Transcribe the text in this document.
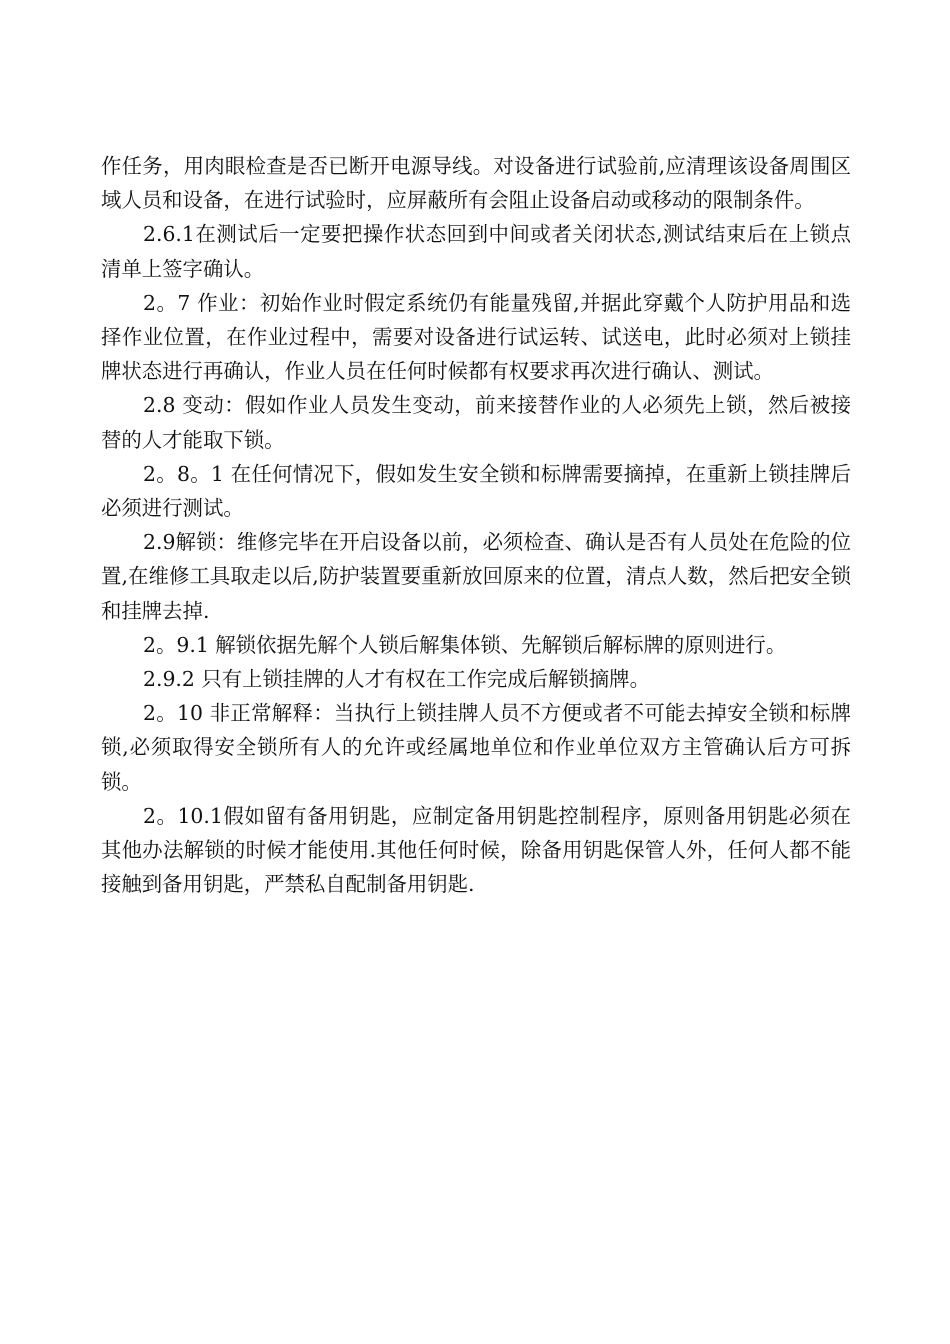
作任务，用肉眼检查是否已断开电源导线。对设备进行试验前,应清理该设备周围区域人员和设备，在进行试验时，应屏蔽所有会阻止设备启动或移动的限制条件。

2.6.1在测试后一定要把操作状态回到中间或者关闭状态,测试结束后在上锁点清单上签字确认。

2。7 作业：初始作业时假定系统仍有能量残留,并据此穿戴个人防护用品和选择作业位置，在作业过程中，需要对设备进行试运转、试送电，此时必须对上锁挂牌状态进行再确认，作业人员在任何时候都有权要求再次进行确认、测试。

2.8 变动：假如作业人员发生变动，前来接替作业的人必须先上锁，然后被接替的人才能取下锁。

2。8。1 在任何情况下，假如发生安全锁和标牌需要摘掉，在重新上锁挂牌后必须进行测试。

2.9解锁：维修完毕在开启设备以前，必须检查、确认是否有人员处在危险的位置,在维修工具取走以后,防护装置要重新放回原来的位置，清点人数，然后把安全锁和挂牌去掉.

2。9.1 解锁依据先解个人锁后解集体锁、先解锁后解标牌的原则进行。

2.9.2 只有上锁挂牌的人才有权在工作完成后解锁摘牌。

2。10 非正常解释：当执行上锁挂牌人员不方便或者不可能去掉安全锁和标牌锁,必须取得安全锁所有人的允许或经属地单位和作业单位双方主管确认后方可拆锁。

2。10.1假如留有备用钥匙，应制定备用钥匙控制程序，原则备用钥匙必须在其他办法解锁的时候才能使用.其他任何时候，除备用钥匙保管人外，任何人都不能接触到备用钥匙，严禁私自配制备用钥匙.
